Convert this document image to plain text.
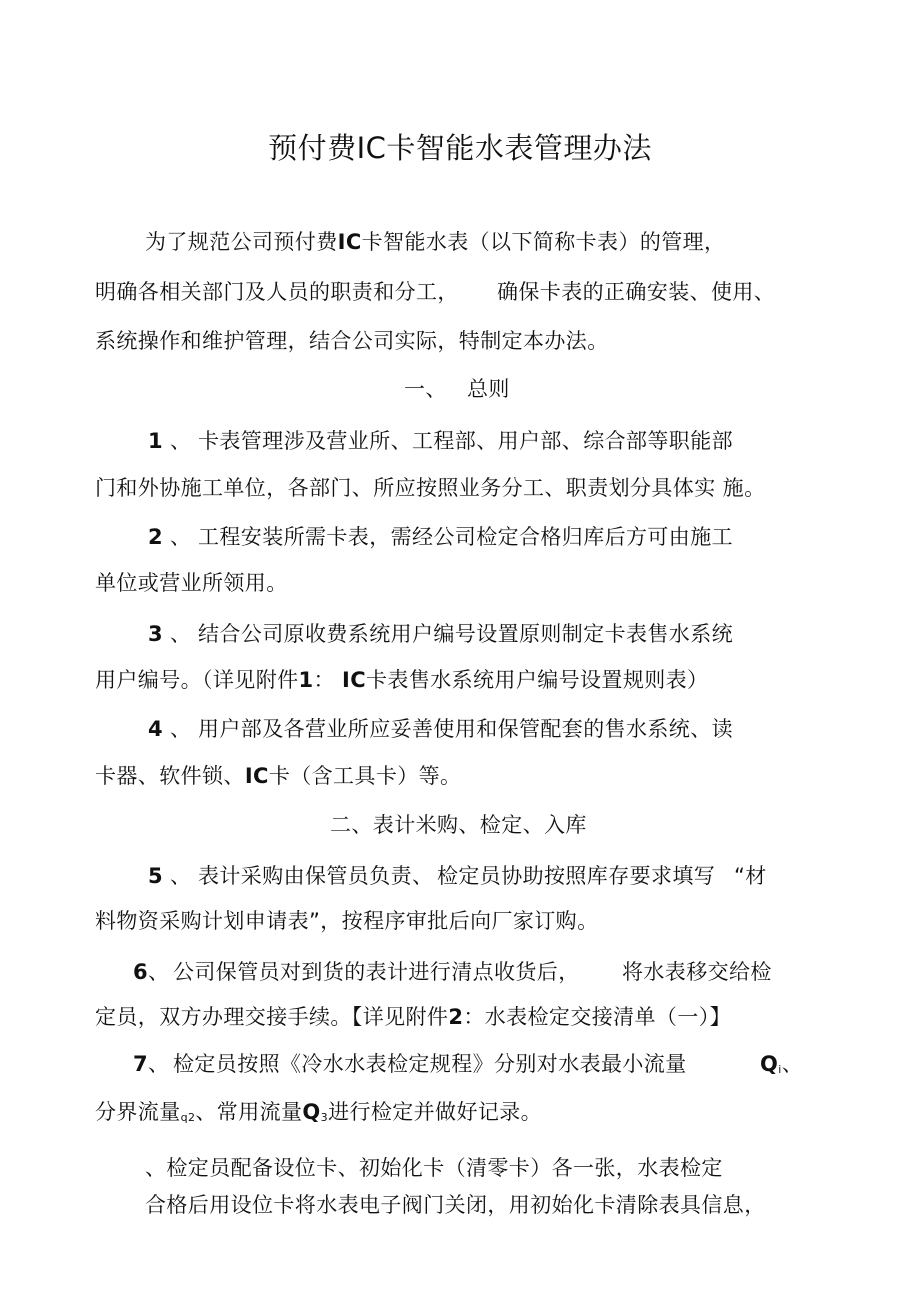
预付费IC卡智能水表管理办法
为了规范公司预付费IC卡智能水表（以下简称卡表）的管理，
明确各相关部门及人员的职责和分工， 确保卡表的正确安装、使用、
系统操作和维护管理，结合公司实际，特制定本办法。
一、 总则
1 、 卡表管理涉及营业所、工程部、用户部、综合部等职能部
门和外协施工单位，各部门、所应按照业务分工、职责划分具体实 施。
2 、 工程安装所需卡表，需经公司检定合格归库后方可由施工
单位或营业所领用。
3 、 结合公司原收费系统用户编号设置原则制定卡表售水系统
用户编号。（详见附件1： IC卡表售水系统用户编号设置规则表）
4 、 用户部及各营业所应妥善使用和保管配套的售水系统、读
卡器、软件锁、IC卡（含工具卡）等。
二、表计米购、检定、入库
5 、 表计采购由保管员负责、 检定员协助按照库存要求填写 “材
料物资采购计划申请表”，按程序审批后向厂家订购。
6 、 公司保管员对到货的表计进行清点收货后， 将水表移交给检
定员，双方办理交接手续。【详见附件2：水表检定交接清单（一）】
7 、 检定员按照《冷水水表检定规程》分别对水表最小流量	$Q_i$、
分界流量$_{q2}$、常用流量$Q_3$进行检定并做好记录。
、检定员配备设位卡、初始化卡（清零卡）各一张，水表检定
合格后用设位卡将水表电子阀门关闭，用初始化卡清除表具信息，
